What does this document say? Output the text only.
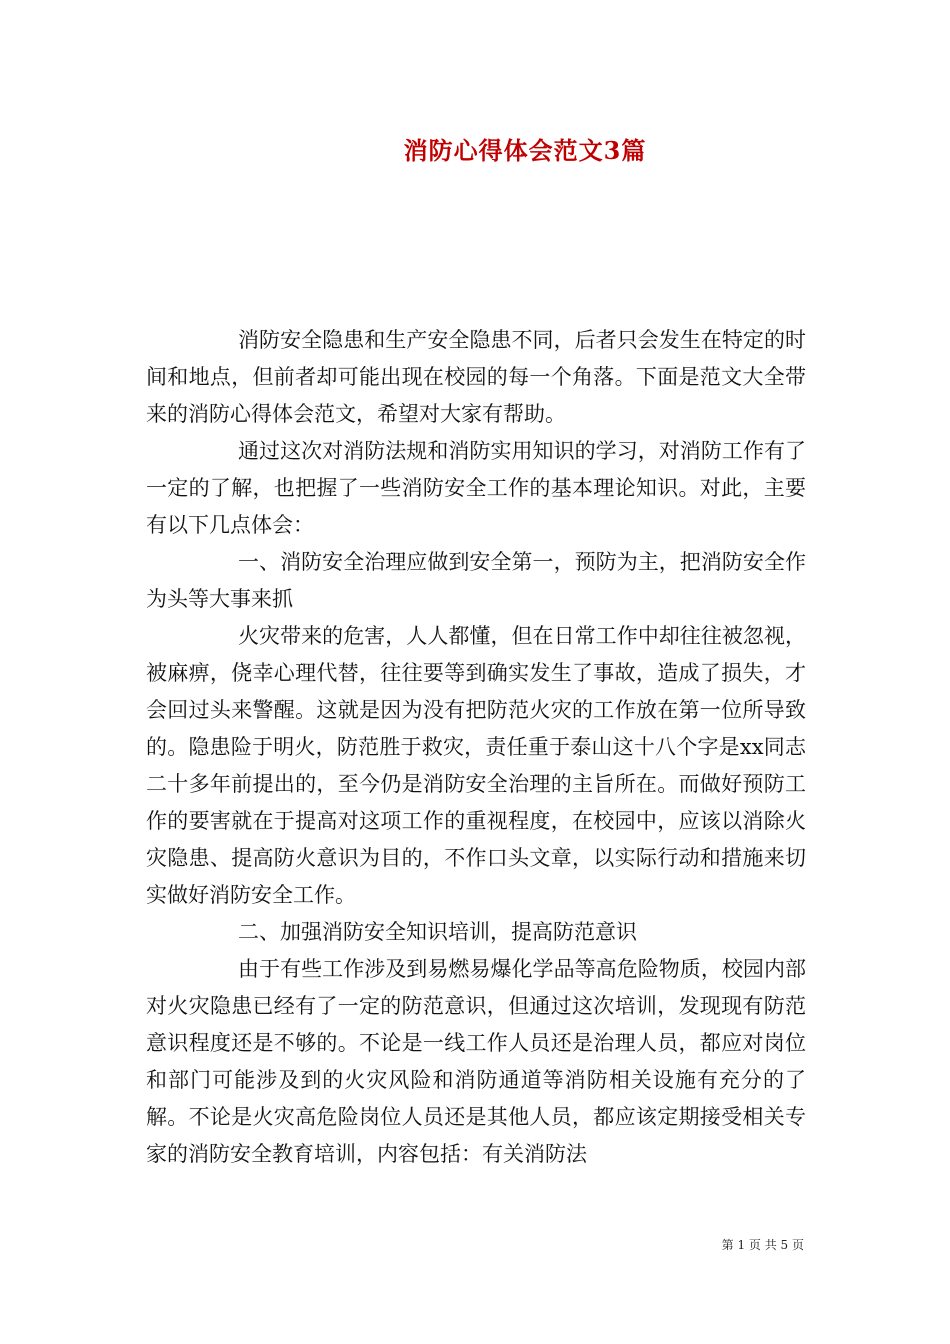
消防心得体会范文3篇

消防安全隐患和生产安全隐患不同，后者只会发生在特定的时间和地点，但前者却可能出现在校园的每一个角落。下面是范文大全带来的消防心得体会范文，希望对大家有帮助。

通过这次对消防法规和消防实用知识的学习，对消防工作有了一定的了解，也把握了一些消防安全工作的基本理论知识。对此，主要有以下几点体会：

一、消防安全治理应做到安全第一，预防为主，把消防安全作为头等大事来抓

火灾带来的危害，人人都懂，但在日常工作中却往往被忽视，被麻痹，侥幸心理代替，往往要等到确实发生了事故，造成了损失，才会回过头来警醒。这就是因为没有把防范火灾的工作放在第一位所导致的。隐患险于明火，防范胜于救灾，责任重于泰山这十八个字是xx同志二十多年前提出的，至今仍是消防安全治理的主旨所在。而做好预防工作的要害就在于提高对这项工作的重视程度，在校园中，应该以消除火灾隐患、提高防火意识为目的，不作口头文章，以实际行动和措施来切实做好消防安全工作。

二、加强消防安全知识培训，提高防范意识

由于有些工作涉及到易燃易爆化学品等高危险物质，校园内部对火灾隐患已经有了一定的防范意识，但通过这次培训，发现现有防范意识程度还是不够的。不论是一线工作人员还是治理人员，都应对岗位和部门可能涉及到的火灾风险和消防通道等消防相关设施有充分的了解。不论是火灾高危险岗位人员还是其他人员，都应该定期接受相关专家的消防安全教育培训，内容包括：有关消防法

第 1 页 共 5 页
